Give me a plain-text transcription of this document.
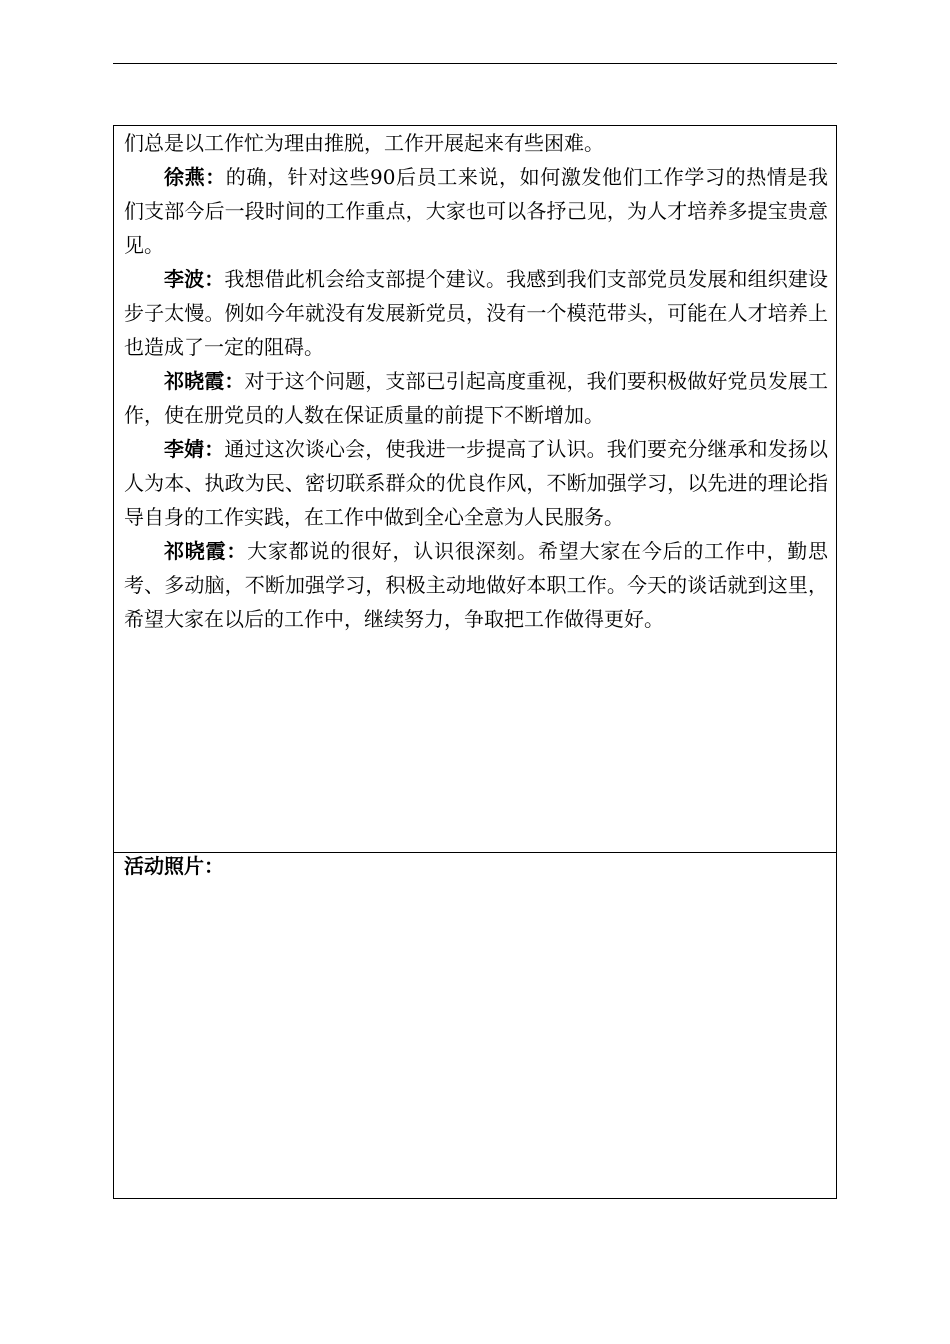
们总是以工作忙为理由推脱，工作开展起来有些困难。

徐燕：的确，针对这些90后员工来说，如何激发他们工作学习的热情是我们支部今后一段时间的工作重点，大家也可以各抒己见，为人才培养多提宝贵意见。

李波：我想借此机会给支部提个建议。我感到我们支部党员发展和组织建设步子太慢。例如今年就没有发展新党员，没有一个模范带头，可能在人才培养上也造成了一定的阻碍。

祁晓霞：对于这个问题，支部已引起高度重视，我们要积极做好党员发展工作，使在册党员的人数在保证质量的前提下不断增加。

李婧：通过这次谈心会，使我进一步提高了认识。我们要充分继承和发扬以人为本、执政为民、密切联系群众的优良作风，不断加强学习，以先进的理论指导自身的工作实践，在工作中做到全心全意为人民服务。

祁晓霞：大家都说的很好，认识很深刻。希望大家在今后的工作中，勤思考、多动脑，不断加强学习，积极主动地做好本职工作。今天的谈话就到这里，希望大家在以后的工作中，继续努力，争取把工作做得更好。

活动照片：
